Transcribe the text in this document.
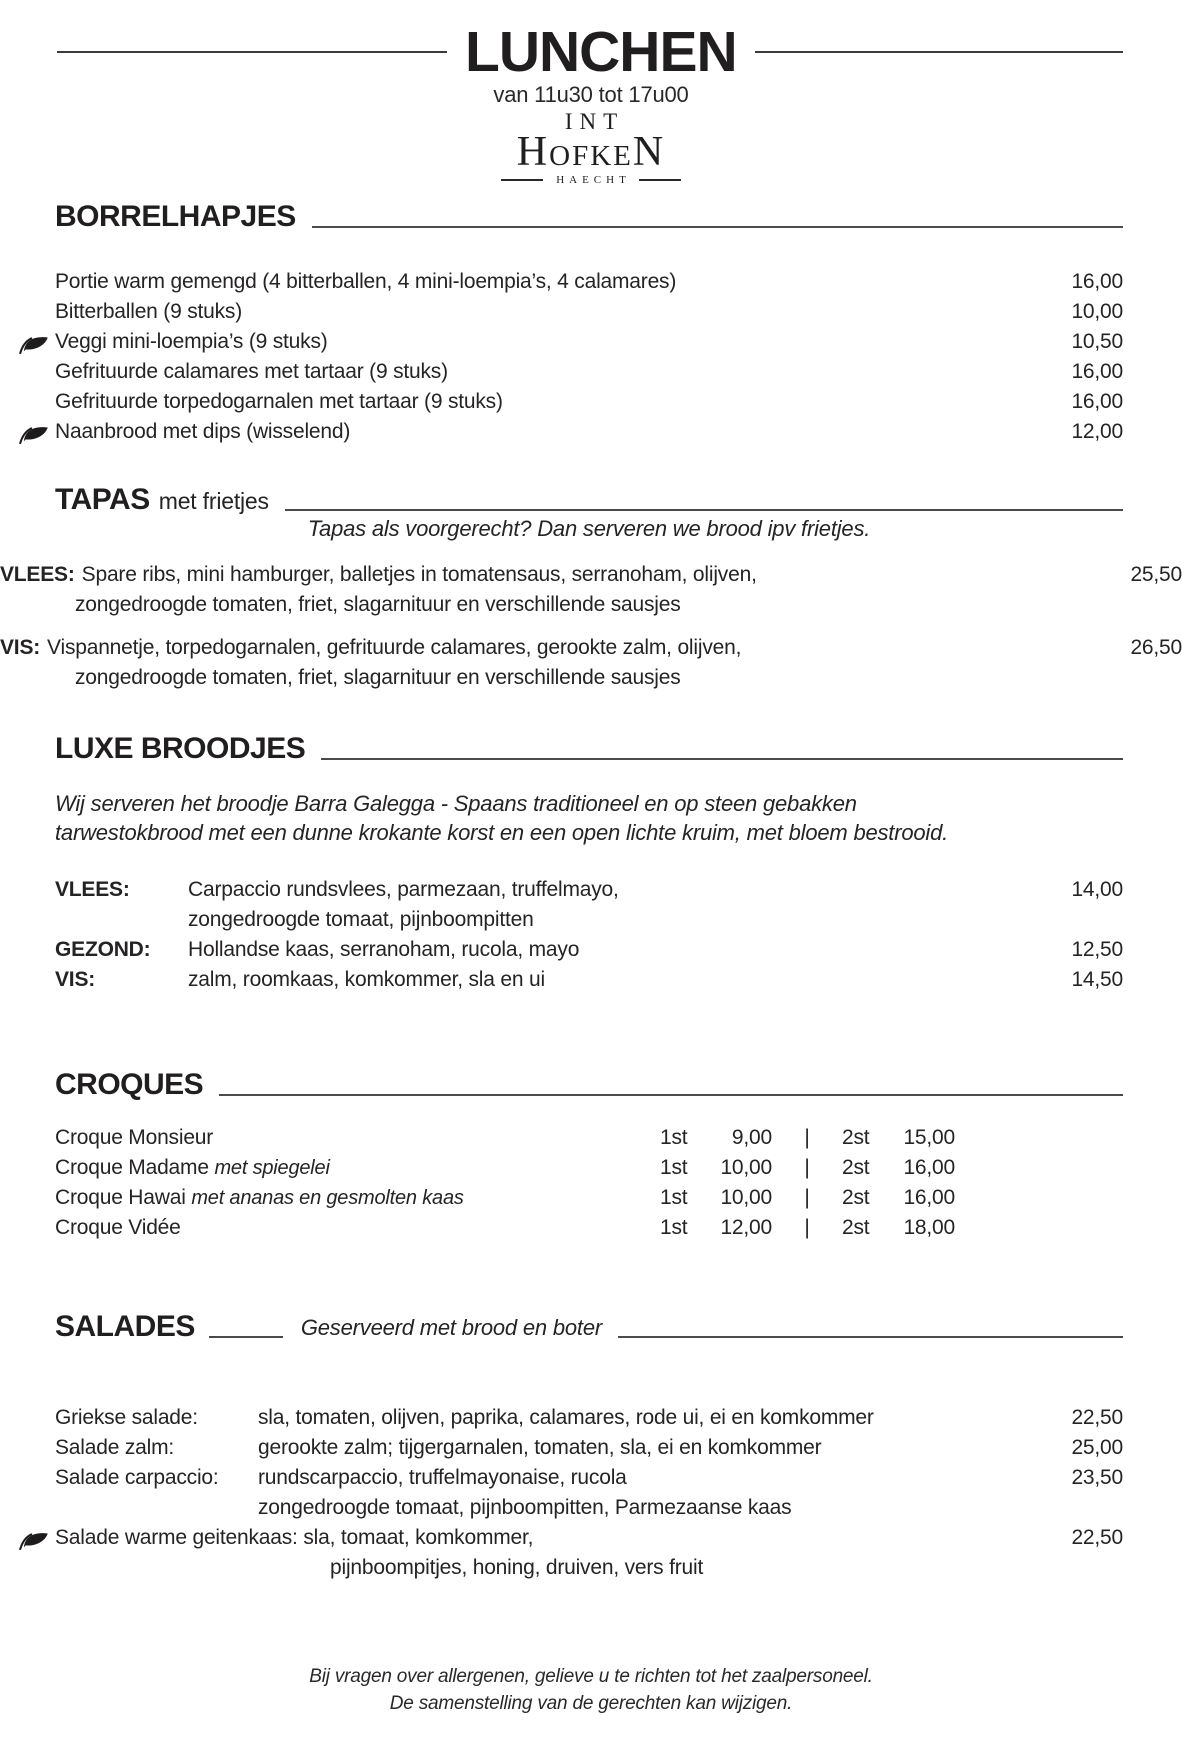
LUNCHEN
van 11u30 tot 17u00
INT
HofkeN
HAECHT
BORRELHAPJES
Portie warm gemengd (4 bitterballen, 4 mini-loempia’s, 4 calamares)	16,00
Bitterballen (9 stuks)	10,00
Veggi mini-loempia’s (9 stuks)	10,50
Gefrituurde calamares met tartaar (9 stuks)	16,00
Gefrituurde torpedogarnalen met tartaar (9 stuks)	16,00
Naanbrood met dips (wisselend)	12,00
TAPAS met frietjes
Tapas als voorgerecht? Dan serveren we brood ipv frietjes.
VLEES: Spare ribs, mini hamburger, balletjes in tomatensaus, serranoham, olijven,	25,50
zongedroogde tomaten, friet, slagarnituur en verschillende sausjes
VIS: Vispannetje, torpedogarnalen, gefrituurde calamares, gerookte zalm, olijven,	26,50
zongedroogde tomaten, friet, slagarnituur en verschillende sausjes
LUXE BROODJES
Wij serveren het broodje Barra Galegga - Spaans traditioneel en op steen gebakken
tarwestokbrood met een dunne krokante korst en een open lichte kruim, met bloem bestrooid.
VLEES:	Carpaccio rundsvlees, parmezaan, truffelmayo,	14,00
zongedroogde tomaat, pijnboompitten
GEZOND:	Hollandse kaas, serranoham, rucola, mayo	12,50
VIS:	zalm, roomkaas, komkommer, sla en ui	14,50
CROQUES
Croque Monsieur	1st	9,00	|	2st	15,00
Croque Madame met spiegelei	1st	10,00	|	2st	16,00
Croque Hawai met ananas en gesmolten kaas	1st	10,00	|	2st	16,00
Croque Vidée	1st	12,00	|	2st	18,00
SALADES	Geserveerd met brood en boter
Griekse salade:	sla, tomaten, olijven, paprika, calamares, rode ui, ei en komkommer	22,50
Salade zalm:	gerookte zalm; tijgergarnalen, tomaten, sla, ei en komkommer	25,00
Salade carpaccio:	rundscarpaccio, truffelmayonaise, rucola	23,50
zongedroogde tomaat, pijnboompitten, Parmezaanse kaas
Salade warme geitenkaas: sla, tomaat, komkommer,	22,50
pijnboompitjes, honing, druiven, vers fruit
Bij vragen over allergenen, gelieve u te richten tot het zaalpersoneel.
De samenstelling van de gerechten kan wijzigen.
